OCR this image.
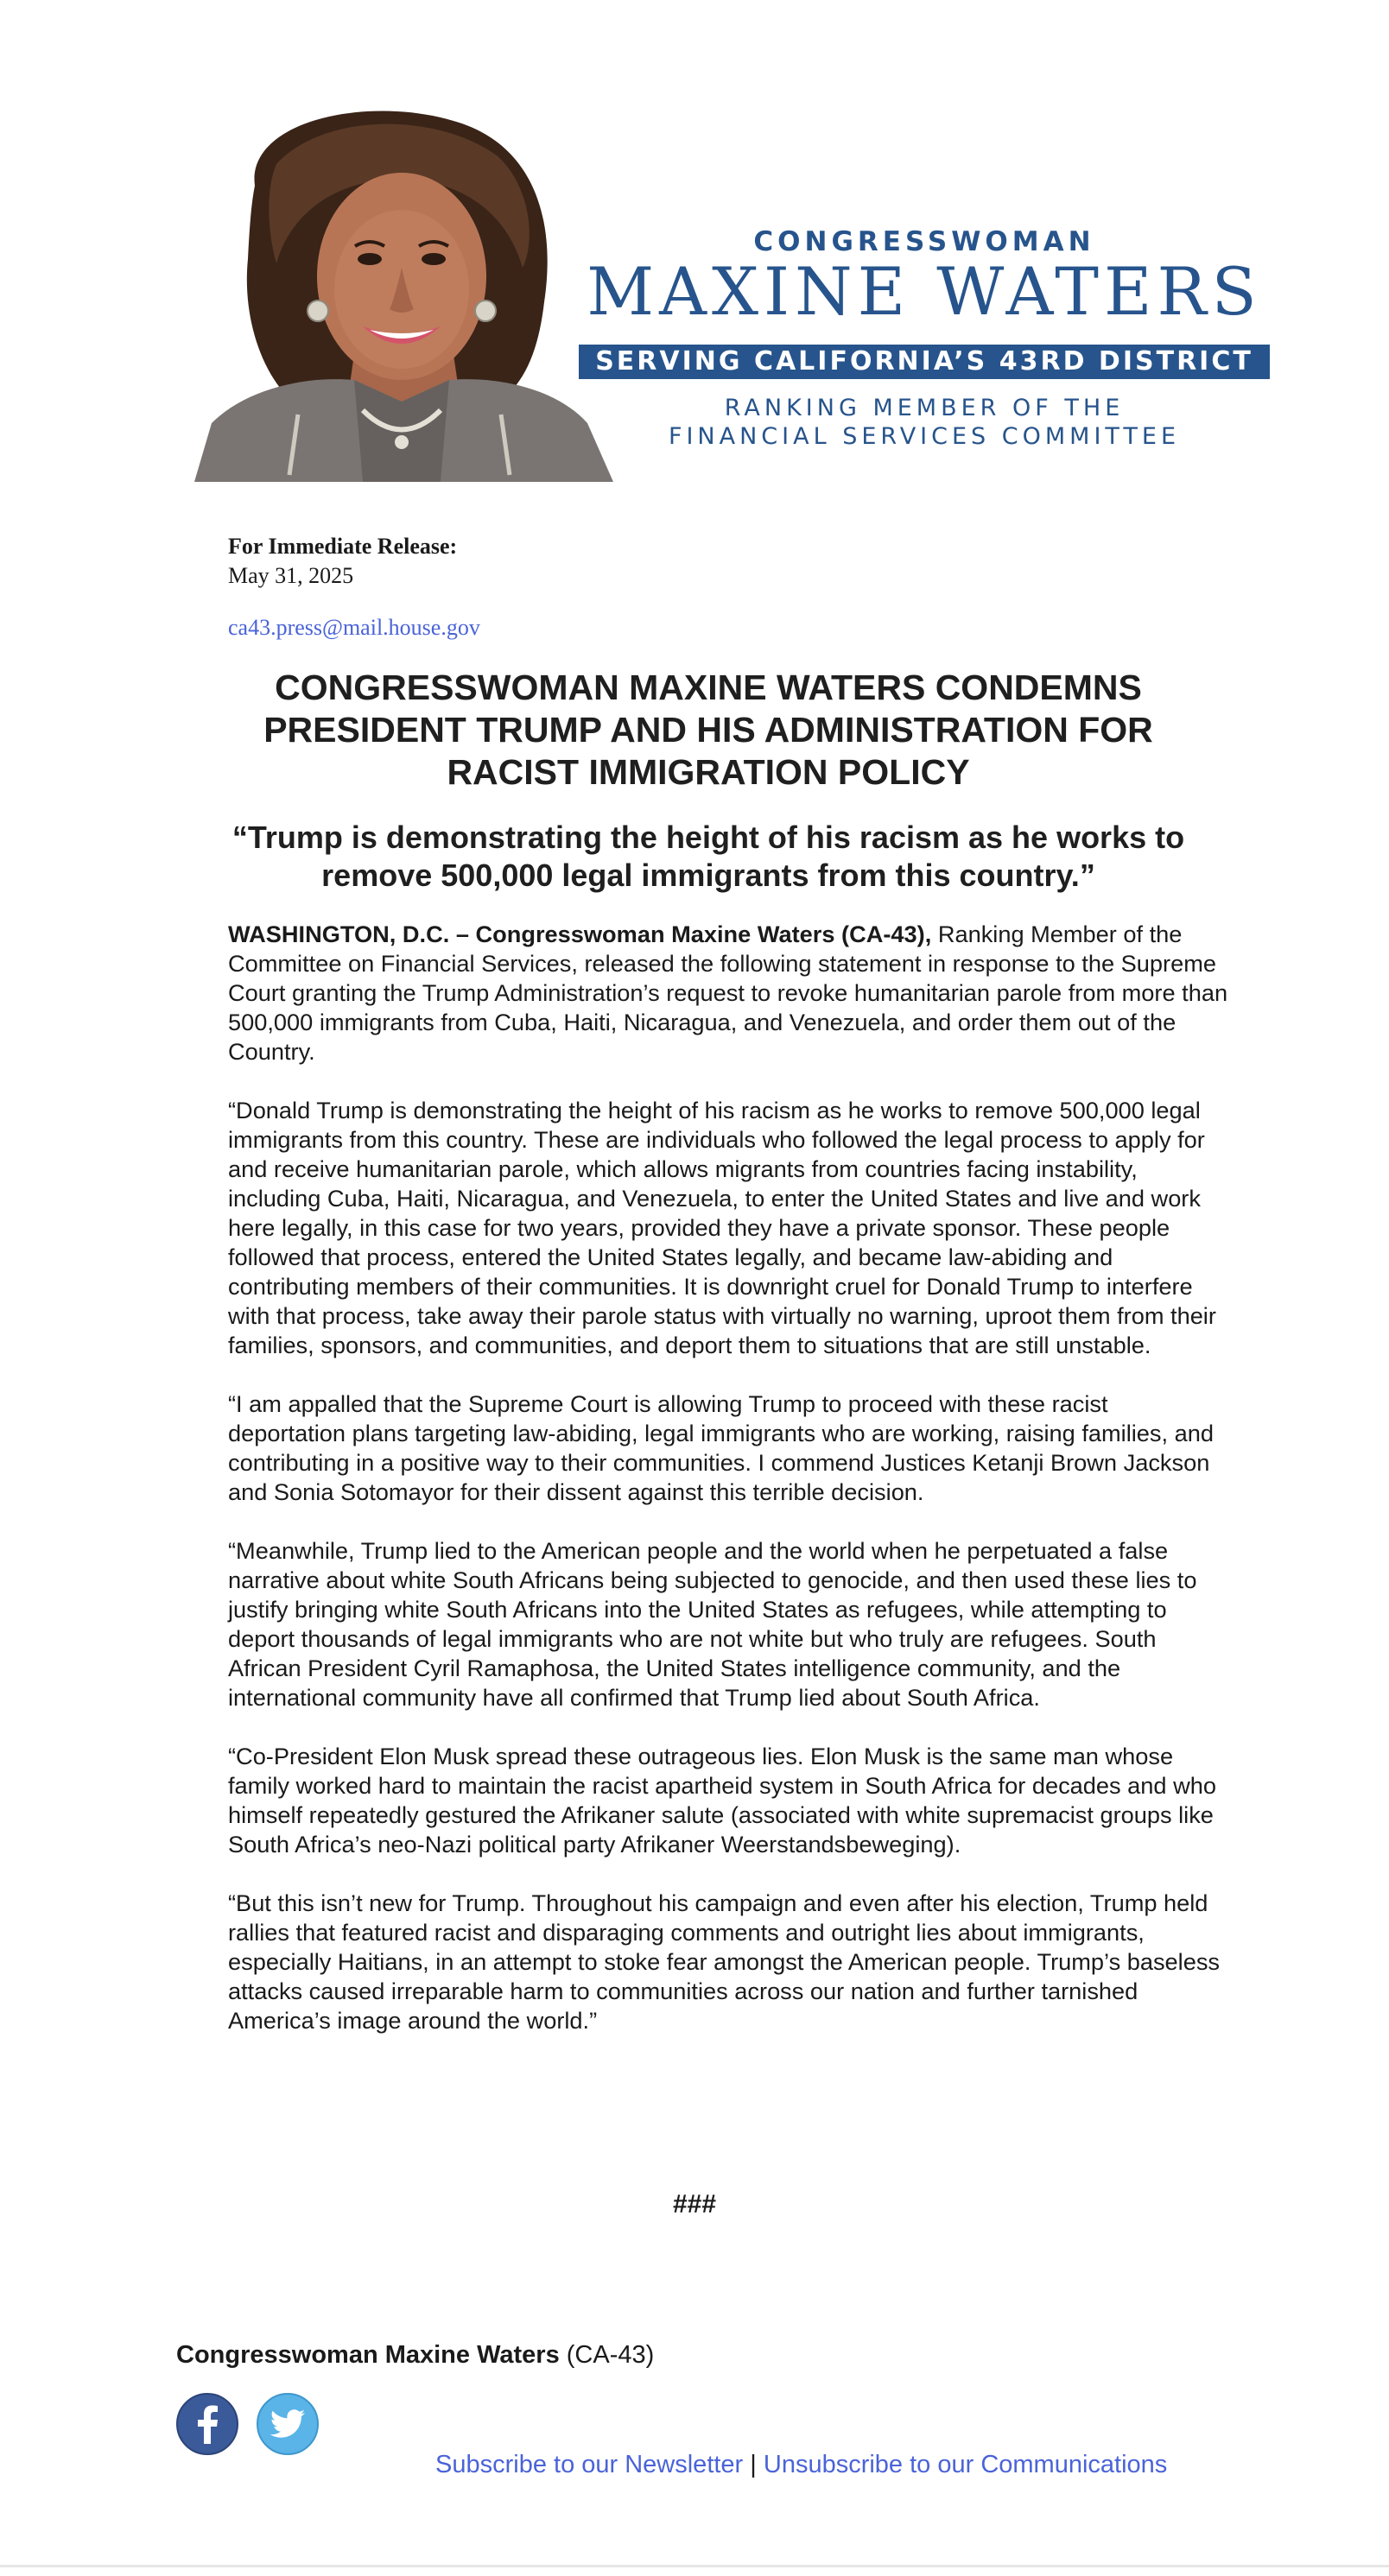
CONGRESSWOMAN
MAXINE WATERS
SERVING CALIFORNIA’S 43RD DISTRICT
RANKING MEMBER OF THE
FINANCIAL SERVICES COMMITTEE
For Immediate Release:
May 31, 2025
ca43.press@mail.house.gov
CONGRESSWOMAN MAXINE WATERS CONDEMNS PRESIDENT TRUMP AND HIS ADMINISTRATION FOR RACIST IMMIGRATION POLICY
“Trump is demonstrating the height of his racism as he works to remove 500,000 legal immigrants from this country.”

WASHINGTON, D.C. – Congresswoman Maxine Waters (CA-43), Ranking Member of the Committee on Financial Services, released the following statement in response to the Supreme Court granting the Trump Administration’s request to revoke humanitarian parole from more than 500,000 immigrants from Cuba, Haiti, Nicaragua, and Venezuela, and order them out of the Country.

“Donald Trump is demonstrating the height of his racism as he works to remove 500,000 legal immigrants from this country. These are individuals who followed the legal process to apply for and receive humanitarian parole, which allows migrants from countries facing instability, including Cuba, Haiti, Nicaragua, and Venezuela, to enter the United States and live and work here legally, in this case for two years, provided they have a private sponsor. These people followed that process, entered the United States legally, and became law-abiding and contributing members of their communities. It is downright cruel for Donald Trump to interfere with that process, take away their parole status with virtually no warning, uproot them from their families, sponsors, and communities, and deport them to situations that are still unstable.

“I am appalled that the Supreme Court is allowing Trump to proceed with these racist deportation plans targeting law-abiding, legal immigrants who are working, raising families, and contributing in a positive way to their communities. I commend Justices Ketanji Brown Jackson and Sonia Sotomayor for their dissent against this terrible decision.

“Meanwhile, Trump lied to the American people and the world when he perpetuated a false narrative about white South Africans being subjected to genocide, and then used these lies to justify bringing white South Africans into the United States as refugees, while attempting to deport thousands of legal immigrants who are not white but who truly are refugees. South African President Cyril Ramaphosa, the United States intelligence community, and the international community have all confirmed that Trump lied about South Africa.

“Co-President Elon Musk spread these outrageous lies. Elon Musk is the same man whose family worked hard to maintain the racist apartheid system in South Africa for decades and who himself repeatedly gestured the Afrikaner salute (associated with white supremacist groups like South Africa’s neo-Nazi political party Afrikaner Weerstandsbeweging).

“But this isn’t new for Trump. Throughout his campaign and even after his election, Trump held rallies that featured racist and disparaging comments and outright lies about immigrants, especially Haitians, in an attempt to stoke fear amongst the American people. Trump’s baseless attacks caused irreparable harm to communities across our nation and further tarnished America’s image around the world.”

###
Congresswoman Maxine Waters (CA-43)
Subscribe to our Newsletter | Unsubscribe to our Communications
